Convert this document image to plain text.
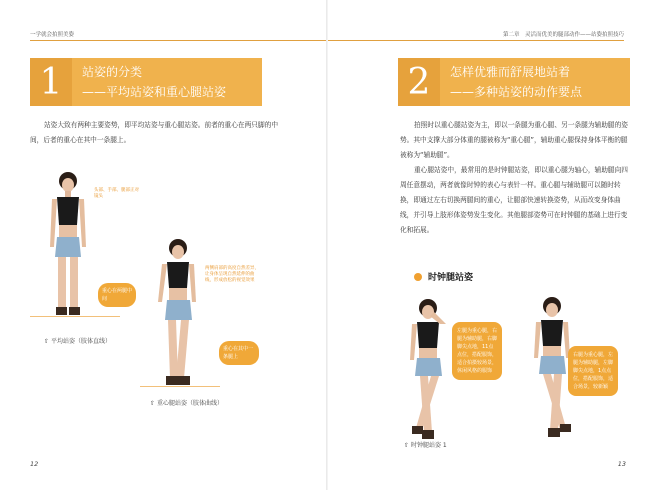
一学就会拍照美姿
1	站姿的分类
——平均站姿和重心腿站姿

站姿大致有两种主要姿势，即平均站姿与重心腿站姿。前者的重心在两只脚的中间，后者的重心在其中一条腿上。

头部、手部、腿部正对镜头
重心在两腿中间
⇧ 平均站姿（肢体直线）
两侧肩部的高度自然差异，让身体呈现自然延伸的曲线，形成放松的视觉效果
重心在其中一条腿上
⇧ 重心腿站姿（肢体曲线）
12
第二章　灵活而优美的腿部动作——站姿拍照技巧
2	怎样优雅而舒展地站着
——多种站姿的动作要点

拍照时以重心腿站姿为主，即以一条腿为重心腿、另一条腿为辅助腿的姿势。其中支撑大部分体重的腿被称为“重心腿”，辅助重心腿保持身体平衡的腿被称为“辅助腿”。

重心腿站姿中，最常用的是时钟腿站姿，即以重心腿为轴心，辅助腿向四周任意摆动，两者就像时钟的表心与表针一样。重心腿与辅助腿可以随时转换，即通过左右切换两腿间的重心，让腿部快速转换姿势，从而改变身体曲线，并引导上肢形体姿势发生变化。其他腿部姿势可在时钟腿的基础上进行变化和拓展。

时钟腿站姿
左腿为重心腿，右腿为辅助腿，右脚脚尖点地，11点点位，搭配服饰，适合拍摄较场景，休闲风格的服饰
⇧ 时钟腿站姿 1
右腿为重心腿，左腿为辅助腿，左脚脚尖点地，1点点位，搭配服饰，适合场景，较新颖
13
